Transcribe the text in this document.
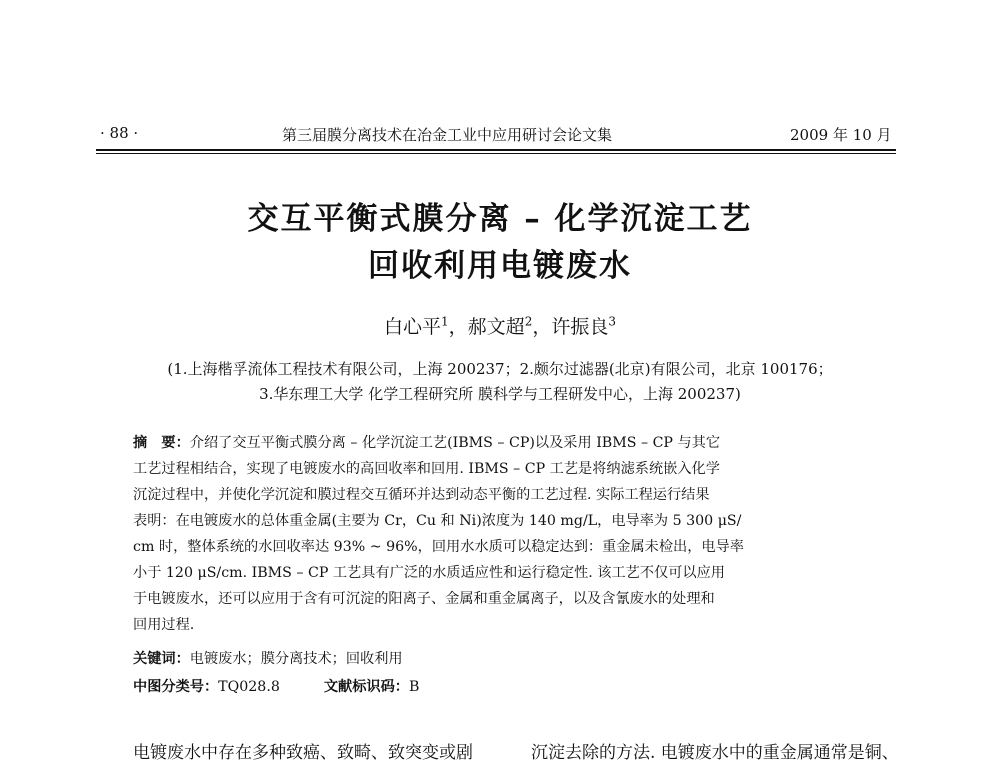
· 88 ·	第三届膜分离技术在冶金工业中应用研讨会论文集	2009 年 10 月
交互平衡式膜分离 – 化学沉淀工艺
回收利用电镀废水
白心平$^1$，郝文超$^2$，许振良$^3$
(1.上海楷孚流体工程技术有限公司，上海 200237；2.颇尔过滤器(北京)有限公司，北京 100176；
3.华东理工大学 化学工程研究所 膜科学与工程研发中心，上海 200237)
摘　要：介绍了交互平衡式膜分离 – 化学沉淀工艺(IBMS – CP)以及采用 IBMS – CP 与其它
工艺过程相结合，实现了电镀废水的高回收率和回用. IBMS – CP 工艺是将纳滤系统嵌入化学
沉淀过程中，并使化学沉淀和膜过程交互循环并达到动态平衡的工艺过程. 实际工程运行结果
表明：在电镀废水的总体重金属(主要为 Cr，Cu 和 Ni)浓度为 140 mg/L，电导率为 5 300 μS/
cm 时，整体系统的水回收率达 93% ~ 96%，回用水水质可以稳定达到：重金属未检出，电导率
小于 120 μS/cm. IBMS – CP 工艺具有广泛的水质适应性和运行稳定性. 该工艺不仅可以应用
于电镀废水，还可以应用于含有可沉淀的阳离子、金属和重金属离子，以及含氰废水的处理和
回用过程.
关键词：电镀废水；膜分离技术；回收利用
中图分类号：TQ028.8	文献标识码：B
电镀废水中存在多种致癌、致畸、致突变或剧	沉淀去除的方法. 电镀废水中的重金属通常是铜、
